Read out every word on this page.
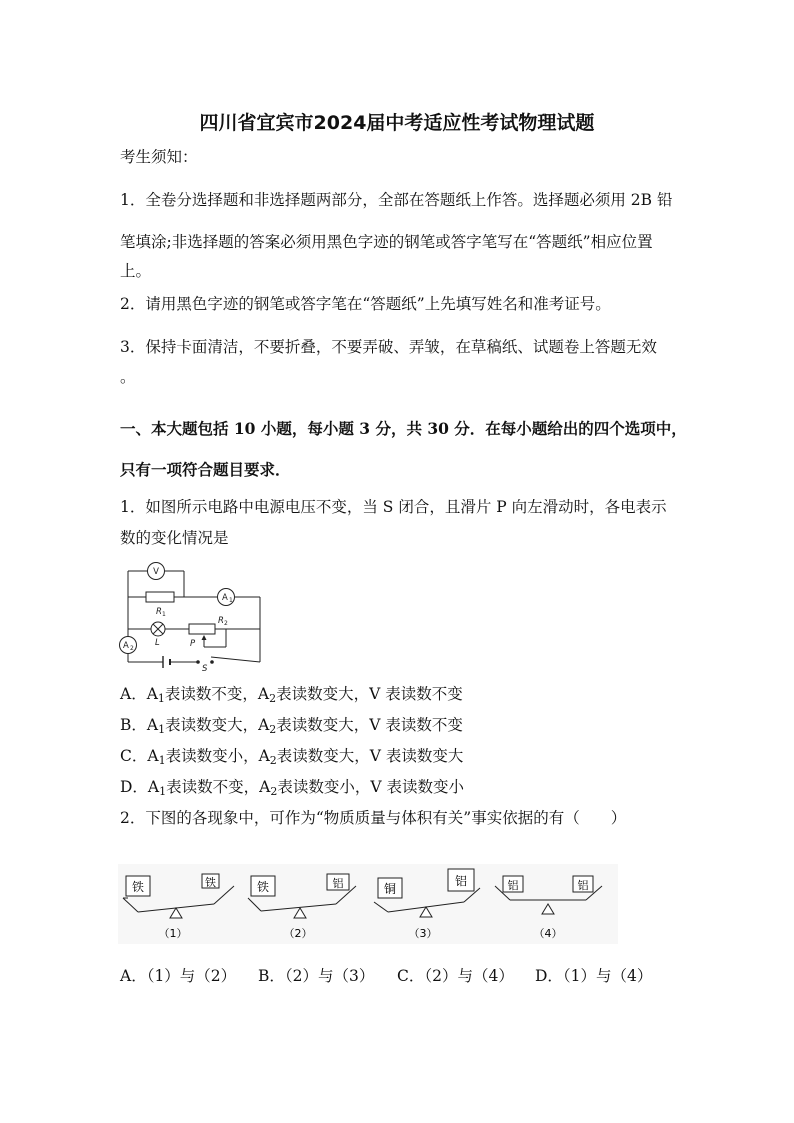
四川省宜宾市2024届中考适应性考试物理试题
考生须知：
1．全卷分选择题和非选择题两部分，全部在答题纸上作答。选择题必须用 2B 铅
笔填涂;非选择题的答案必须用黑色字迹的钢笔或答字笔写在“答题纸”相应位置
上。
2．请用黑色字迹的钢笔或答字笔在“答题纸”上先填写姓名和准考证号。
3．保持卡面清洁，不要折叠，不要弄破、弄皱，在草稿纸、试题卷上答题无效
。
一、本大题包括 10 小题，每小题 3 分，共 30 分．在每小题给出的四个选项中，
只有一项符合题目要求．
1．如图所示电路中电源电压不变，当 S 闭合，且滑片 P 向左滑动时，各电表示
数的变化情况是
V
A 1
A 2
R 1
R 2
L	P
S
A．$A_1$表读数不变，$A_2$表读数变大，V 表读数不变
B．$A_1$表读数变大，$A_2$表读数变大，V 表读数不变
C．$A_1$表读数变小，$A_2$表读数变大，V 表读数变大
D．$A_1$表读数不变，$A_2$表读数变小，V 表读数变小
2．下图的各现象中，可作为“物质质量与体积有关”事实依据的有（　　）
铁	铁
（1）
铁	铝
（2）
铜
铝
（3）
铝	铝
（4）
A．（1）与（2） B．（2）与（3） C．（2）与（4） D．（1）与（4）
